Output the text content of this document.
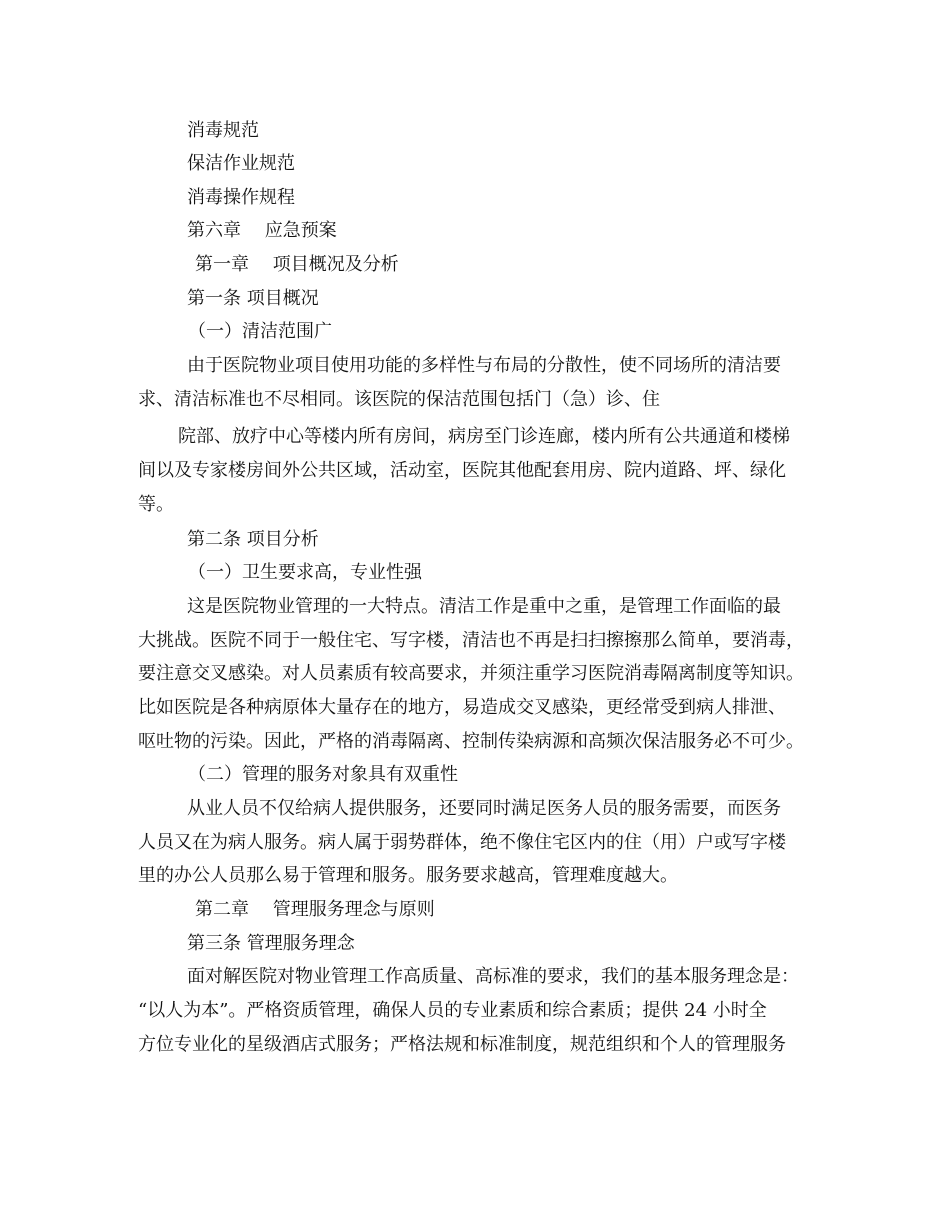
消毒规范
保洁作业规范
消毒操作规程
第六章　 应急预案
第一章　 项目概况及分析
第一条 项目概况
（一）清洁范围广
由于医院物业项目使用功能的多样性与布局的分散性，使不同场所的清洁要
求、清洁标准也不尽相同。该医院的保洁范围包括门（急）诊、住
院部、放疗中心等楼内所有房间，病房至门诊连廊，楼内所有公共通道和楼梯
间以及专家楼房间外公共区域，活动室，医院其他配套用房、院内道路、坪、绿化
等。
第二条 项目分析
（一）卫生要求高，专业性强
这是医院物业管理的一大特点。清洁工作是重中之重，是管理工作面临的最
大挑战。医院不同于一般住宅、写字楼，清洁也不再是扫扫擦擦那么简单，要消毒，
要注意交叉感染。对人员素质有较高要求，并须注重学习医院消毒隔离制度等知识。
比如医院是各种病原体大量存在的地方，易造成交叉感染，更经常受到病人排泄、
呕吐物的污染。因此，严格的消毒隔离、控制传染病源和高频次保洁服务必不可少。
（二）管理的服务对象具有双重性
从业人员不仅给病人提供服务，还要同时满足医务人员的服务需要，而医务
人员又在为病人服务。病人属于弱势群体，绝不像住宅区内的住（用）户或写字楼
里的办公人员那么易于管理和服务。服务要求越高，管理难度越大。
第二章　 管理服务理念与原则
第三条 管理服务理念
面对解医院对物业管理工作高质量、高标准的要求，我们的基本服务理念是：
“以人为本”。严格资质管理，确保人员的专业素质和综合素质；提供 24 小时全
方位专业化的星级酒店式服务；严格法规和标准制度，规范组织和个人的管理服务
